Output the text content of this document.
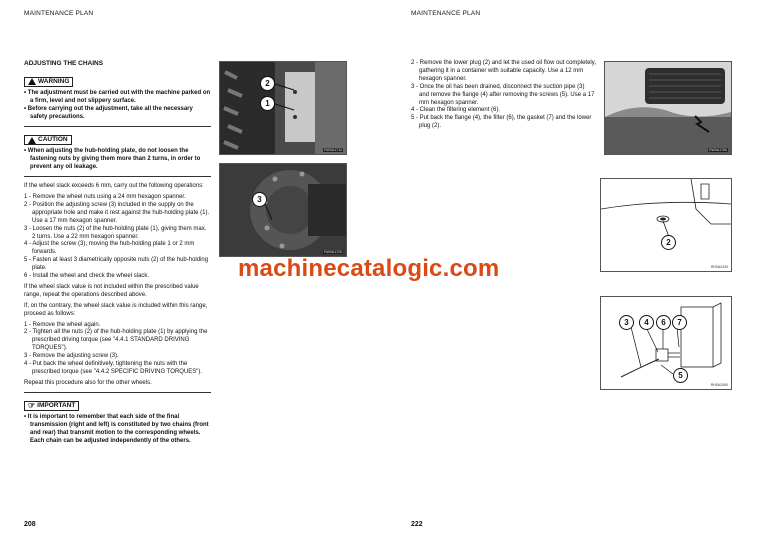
MAINTENANCE PLAN
ADJUSTING THE CHAINS
WARNING

• The adjustment must be carried out with the machine parked on a firm, level and not slippery surface.

• Before carrying out the adjustment, take all the necessary safety precautions.

CAUTION

• When adjusting the hub-holding plate, do not loosen the fastening nuts by giving them more than 2 turns, in order to prevent any oil leakage.

If the wheel slack exceeds 6 mm, carry out the following operations:

1 - Remove the wheel nuts using a 24 mm hexagon spanner.

2 - Position the adjusting screw (3) included in the supply on the appropriate hole and make it rest against the hub-holding plate (1). Use a 17 mm hexagon spanner.

3 - Loosen the nuts (2) of the hub-holding plate (1), giving them max. 2 turns. Use a 22 mm hexagon spanner.

4 - Adjust the screw (3), moving the hub-holding plate 1 or 2 mm forwards.

5 - Fasten at least 3 diametrically opposite nuts (2) of the hub-holding plate.

6 - Install the wheel and check the wheel slack.

If the wheel slack value is not included within the prescribed value range, repeat the operations described above.

If, on the contrary, the wheel slack value is included within this range, proceed as follows:

1 - Remove the wheel again.

2 - Tighten all the nuts (2) of the hub-holding plate (1) by applying the prescribed driving torque (see "4.4.1 STANDARD DRIVING TORQUES").

3 - Remove the adjusting screw (3).

4 - Put back the wheel definitively, tightening the nuts with the prescribed torque (see "4.4.2 SPECIFIC DRIVING TORQUES").

Repeat this procedure also for the other wheels.

☞ IMPORTANT

• It is important to remember that each side of the final transmission (right and left) is constituted by two chains (front and rear) that transmit motion to the corresponding wheels.
Each chain can be adjusted independently of the others.

2
1
RW0A1710
3
RW0A1720
208
MAINTENANCE PLAN

2 - Remove the lower plug (2) and let the used oil flow out completely, gathering it in a container with suitable capacity. Use a 12 mm hexagon spanner.

3 - Once the oil has been drained, disconnect the suction pipe (3) and remove the flange (4) after removing the screws (5). Use a 17 mm hexagon spanner.

4 - Clean the filtering element (6).

5 - Put back the flange (4), the filter (6), the gasket (7) and the lower plug (2).

RW0A1780
2
RH0A2430
3	4	6	7
5
RH0A2450
222
machinecatalogic.com
